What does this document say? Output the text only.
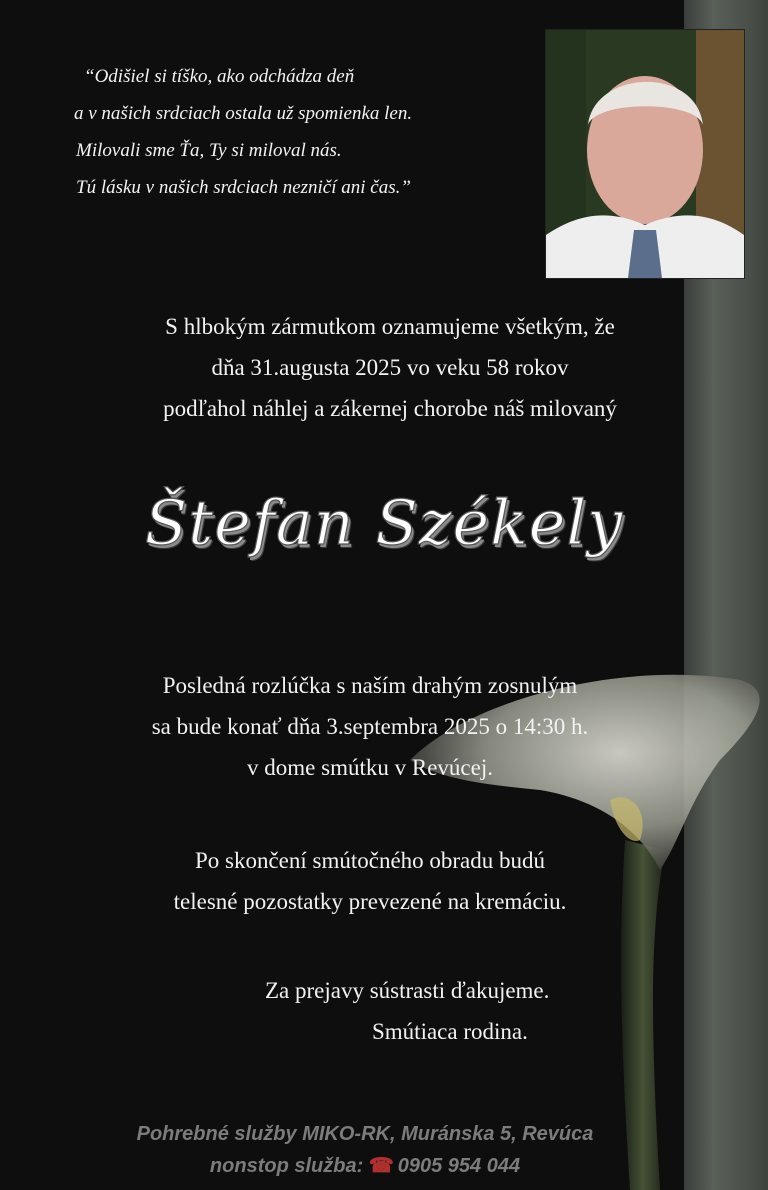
“Odišiel si tíško, ako odchádza deň
a v našich srdciach ostala už spomienka len.
Milovali sme Ťa, Ty si miloval nás.
Tú lásku v našich srdciach nezničí ani čas.”
S hlbokým zármutkom oznamujeme všetkým, že
dňa 31.augusta 2025 vo veku 58 rokov
podľahol náhlej a zákernej chorobe náš milovaný
Štefan Székely
Posledná rozlúčka s naším drahým zosnulým
sa bude konať dňa 3.septembra 2025 o 14:30 h.
v dome smútku v Revúcej.
Po skončení smútočného obradu budú
telesné pozostatky prevezené na kremáciu.
Za prejavy sústrasti ďakujeme.
Smútiaca rodina.
Pohrebné služby MIKO-RK, Muránska 5, Revúca
nonstop služba: ☎ 0905 954 044
